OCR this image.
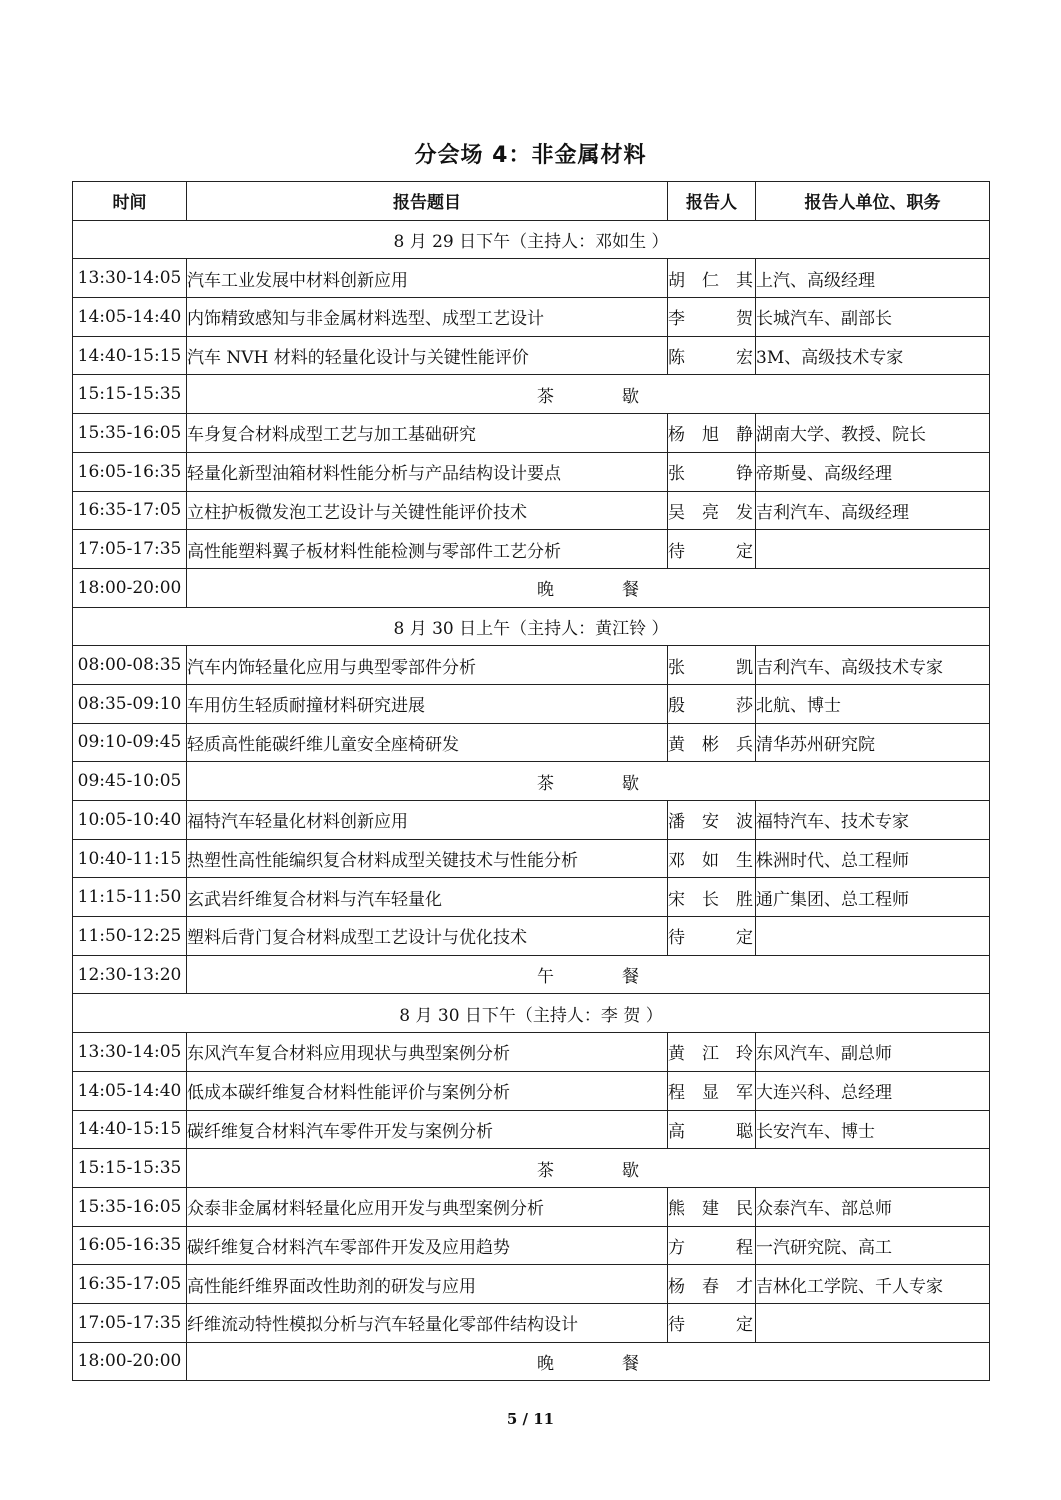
分会场 4：非金属材料
时间	报告题目	报告人	报告人单位、职务
8 月 29 日下午（主持人：邓如生 ）			
13:30-14:05	汽车工业发展中材料创新应用	胡仁其	上汽、高级经理
14:05-14:40	内饰精致感知与非金属材料选型、成型工艺设计	李贺	长城汽车、副部长
14:40-15:15	汽车 NVH 材料的轻量化设计与关键性能评价	陈宏	3M、高级技术专家
15:15-15:35	茶歇		
15:35-16:05	车身复合材料成型工艺与加工基础研究	杨旭静	湖南大学、教授、院长
16:05-16:35	轻量化新型油箱材料性能分析与产品结构设计要点	张铮	帝斯曼、高级经理
16:35-17:05	立柱护板微发泡工艺设计与关键性能评价技术	吴亮发	吉利汽车、高级经理
17:05-17:35	高性能塑料翼子板材料性能检测与零部件工艺分析	待定	
18:00-20:00	晚餐		
8 月 30 日上午（主持人：黄江铃 ）			
08:00-08:35	汽车内饰轻量化应用与典型零部件分析	张凯	吉利汽车、高级技术专家
08:35-09:10	车用仿生轻质耐撞材料研究进展	殷莎	北航、博士
09:10-09:45	轻质高性能碳纤维儿童安全座椅研发	黄彬兵	清华苏州研究院
09:45-10:05	茶歇		
10:05-10:40	福特汽车轻量化材料创新应用	潘安波	福特汽车、技术专家
10:40-11:15	热塑性高性能编织复合材料成型关键技术与性能分析	邓如生	株洲时代、总工程师
11:15-11:50	玄武岩纤维复合材料与汽车轻量化	宋长胜	通广集团、总工程师
11:50-12:25	塑料后背门复合材料成型工艺设计与优化技术	待定	
12:30-13:20	午餐		
8 月 30 日下午（主持人：李 贺 ）			
13:30-14:05	东风汽车复合材料应用现状与典型案例分析	黄江玲	东风汽车、副总师
14:05-14:40	低成本碳纤维复合材料性能评价与案例分析	程显军	大连兴科、总经理
14:40-15:15	碳纤维复合材料汽车零件开发与案例分析	高聪	长安汽车、博士
15:15-15:35	茶歇		
15:35-16:05	众泰非金属材料轻量化应用开发与典型案例分析	熊建民	众泰汽车、部总师
16:05-16:35	碳纤维复合材料汽车零部件开发及应用趋势	方程	一汽研究院、高工
16:35-17:05	高性能纤维界面改性助剂的研发与应用	杨春才	吉林化工学院、千人专家
17:05-17:35	纤维流动特性模拟分析与汽车轻量化零部件结构设计	待定	
18:00-20:00	晚餐		
5 / 11
